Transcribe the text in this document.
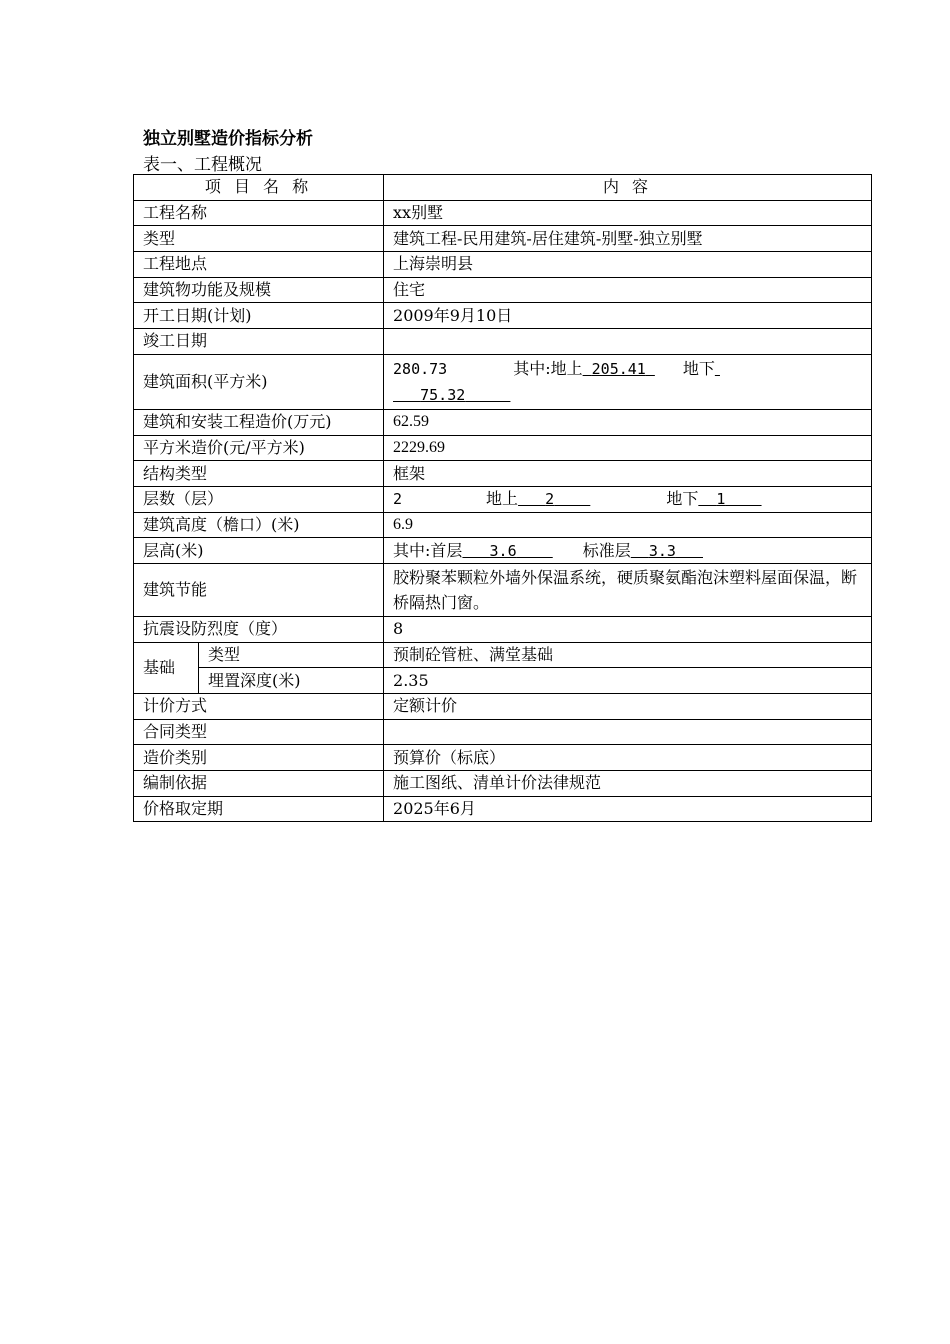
独立别墅造价指标分析
表一、工程概况
项 目 名 称		内 容
工程名称		xx别墅
类型		建筑工程-民用建筑-居住建筑-别墅-独立别墅
工程地点		上海崇明县
建筑物功能及规模		住宅
开工日期(计划)		2009年9月10日
竣工日期		
建筑面积(平方米)		280.73 其中:地上 205.41 地下
75.32
建筑和安装工程造价(万元)		62.59
平方米造价(元/平方米)		2229.69
结构类型		框架
层数（层）		2 地上 2 地下 1
建筑高度（檐口）(米)		6.9
层高(米)		其中:首层 3.6 标准层 3.3
建筑节能		胶粉聚苯颗粒外墙外保温系统，硬质聚氨酯泡沫塑料屋面保温，断桥隔热门窗。
抗震设防烈度（度）		8
基础	类型	预制砼管桩、满堂基础
	埋置深度(米)	2.35
计价方式		定额计价
合同类型		
造价类别		预算价（标底）
编制依据		施工图纸、清单计价法律规范
价格取定期		2025年6月
